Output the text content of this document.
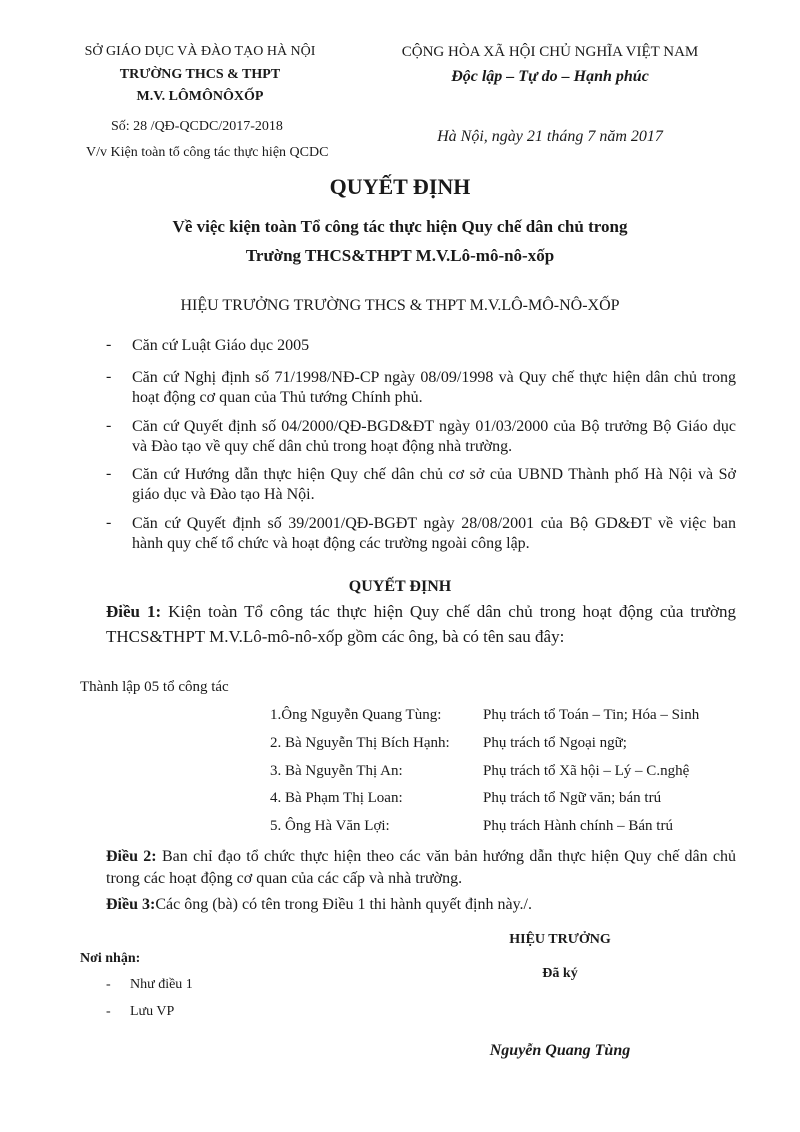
SỞ GIÁO DỤC VÀ ĐÀO TẠO HÀ NỘI
TRƯỜNG THCS & THPT
M.V. LÔMÔNÔXỐP
Số: 28 /QĐ-QCDC/2017-2018
V/v Kiện toàn tổ công tác thực hiện QCDC
CỘNG HÒA XÃ HỘI CHỦ NGHĨA VIỆT NAM
Độc lập – Tự do – Hạnh phúc
Hà Nội, ngày 21 tháng 7 năm 2017
QUYẾT ĐỊNH
Về việc kiện toàn Tổ công tác thực hiện Quy chế dân chủ trong
Trường THCS&THPT M.V.Lô-mô-nô-xốp
HIỆU TRƯỞNG TRƯỜNG THCS & THPT M.V.LÔ-MÔ-NÔ-XỐP
- Căn cứ Luật Giáo dục 2005
- Căn cứ Nghị định số 71/1998/NĐ-CP ngày 08/09/1998 và Quy chế thực hiện dân chủ trong hoạt động cơ quan của Thủ tướng Chính phủ.
- Căn cứ Quyết định số 04/2000/QĐ-BGD&ĐT ngày 01/03/2000 của Bộ trưởng Bộ Giáo dục và Đào tạo về quy chế dân chủ trong hoạt động nhà trường.
- Căn cứ Hướng dẫn thực hiện Quy chế dân chủ cơ sở của UBND Thành phố Hà Nội và Sở giáo dục và Đào tạo Hà Nội.
- Căn cứ Quyết định số 39/2001/QĐ-BGĐT ngày 28/08/2001 của Bộ GD&ĐT về việc ban hành quy chế tổ chức và hoạt động các trường ngoài công lập.
QUYẾT ĐỊNH
Điều 1: Kiện toàn Tổ công tác thực hiện Quy chế dân chủ trong hoạt động của trường THCS&THPT M.V.Lô-mô-nô-xốp gồm các ông, bà có tên sau đây:
Thành lập 05 tổ công tác
1.Ông Nguyễn Quang Tùng:	Phụ trách tổ Toán – Tin; Hóa – Sinh
2. Bà Nguyễn Thị Bích Hạnh: Phụ trách tổ Ngoại ngữ;
3. Bà Nguyễn Thị An:	Phụ trách tổ Xã hội – Lý – C.nghệ
4. Bà Phạm Thị Loan:	Phụ trách tổ Ngữ văn; bán trú
5. Ông Hà Văn Lợi:	Phụ trách Hành chính – Bán trú
Điều 2: Ban chỉ đạo tổ chức thực hiện theo các văn bản hướng dẫn thực hiện Quy chế dân chủ trong các hoạt động cơ quan của các cấp và nhà trường.
Điều 3:Các ông (bà) có tên trong Điều 1 thi hành quyết định này./.
HIỆU TRƯỞNG
Đã ký
Nguyễn Quang Tùng
Nơi nhận:
- Như điều 1
- Lưu VP
